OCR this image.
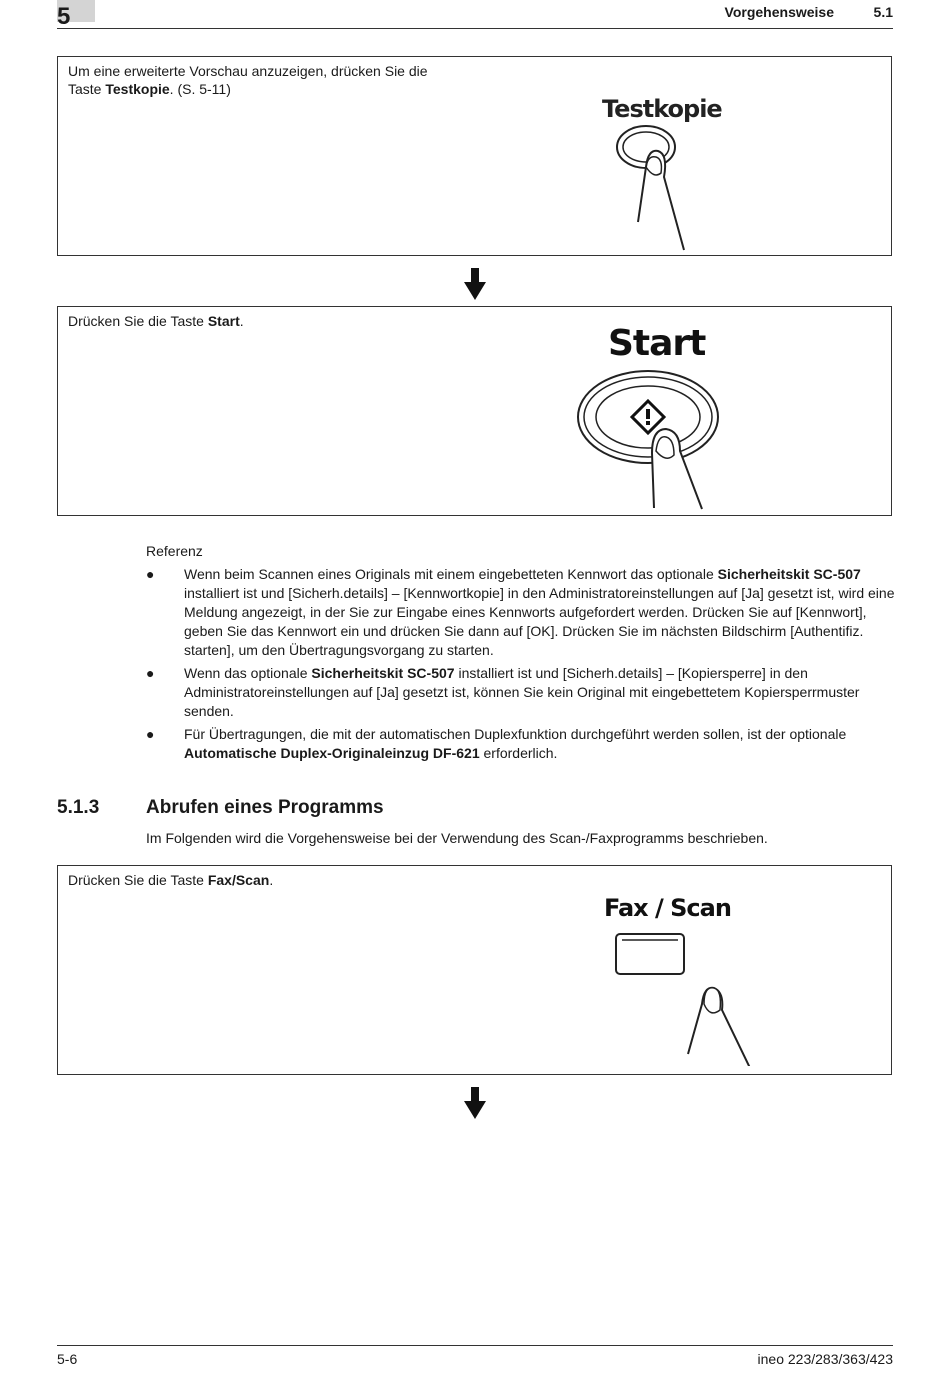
5	Vorgehensweise	5.1
Um eine erweiterte Vorschau anzuzeigen, drücken Sie die Taste Testkopie. (S. 5-11)
Testkopie
Drücken Sie die Taste Start.
Start
Referenz
● Wenn beim Scannen eines Originals mit einem eingebetteten Kennwort das optionale Sicherheitskit SC-507 installiert ist und [Sicherh.details] – [Kennwortkopie] in den Administratoreinstellungen auf [Ja] gesetzt ist, wird eine Meldung angezeigt, in der Sie zur Eingabe eines Kennworts aufgefordert werden. Drücken Sie auf [Kennwort], geben Sie das Kennwort ein und drücken Sie dann auf [OK]. Drücken Sie im nächsten Bildschirm [Authentifiz. starten], um den Übertragungsvorgang zu starten.
● Wenn das optionale Sicherheitskit SC-507 installiert ist und [Sicherh.details] – [Kopiersperre] in den Administratoreinstellungen auf [Ja] gesetzt ist, können Sie kein Original mit eingebettetem Kopiersperrmuster senden.
● Für Übertragungen, die mit der automatischen Duplexfunktion durchgeführt werden sollen, ist der optionale Automatische Duplex-Originaleinzug DF-621 erforderlich.
5.1.3 Abrufen eines Programms
Im Folgenden wird die Vorgehensweise bei der Verwendung des Scan-/Faxprogramms beschrieben.
Drücken Sie die Taste Fax/Scan.
Fax / Scan
5-6	ineo 223/283/363/423
